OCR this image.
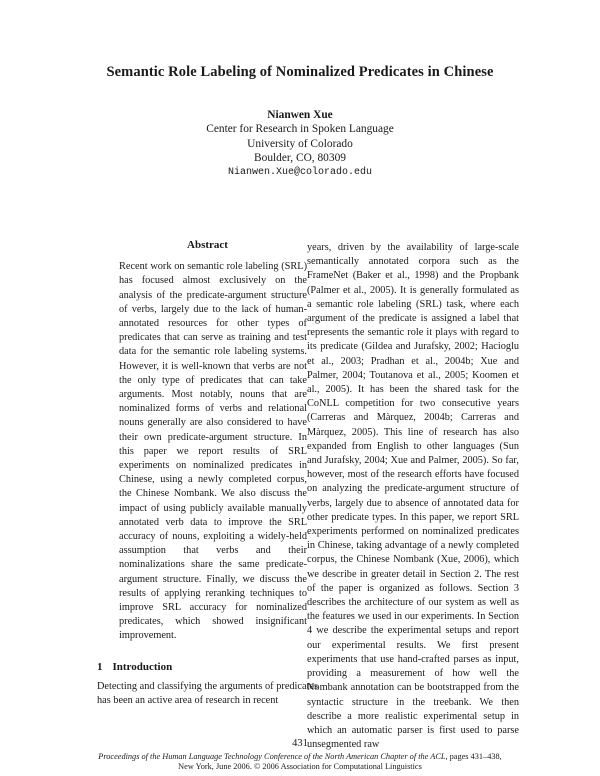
Semantic Role Labeling of Nominalized Predicates in Chinese
Nianwen Xue
Center for Research in Spoken Language
University of Colorado
Boulder, CO, 80309
Nianwen.Xue@colorado.edu
Abstract

Recent work on semantic role labeling (SRL) has focused almost exclusively on the analysis of the predicate-argument structure of verbs, largely due to the lack of human-annotated resources for other types of predicates that can serve as training and test data for the semantic role labeling systems. However, it is well-known that verbs are not the only type of predicates that can take arguments. Most notably, nouns that are nominalized forms of verbs and relational nouns generally are also considered to have their own predicate-argument structure. In this paper we report results of SRL experiments on nominalized predicates in Chinese, using a newly completed corpus, the Chinese Nombank. We also discuss the impact of using publicly available manually annotated verb data to improve the SRL accuracy of nouns, exploiting a widely-held assumption that verbs and their nominalizations share the same predicate-argument structure. Finally, we discuss the results of applying reranking techniques to improve SRL accuracy for nominalized predicates, which showed insignificant improvement.

1 Introduction

Detecting and classifying the arguments of predicates has been an active area of research in recent

years, driven by the availability of large-scale semantically annotated corpora such as the FrameNet (Baker et al., 1998) and the Propbank (Palmer et al., 2005). It is generally formulated as a semantic role labeling (SRL) task, where each argument of the predicate is assigned a label that represents the semantic role it plays with regard to its predicate (Gildea and Jurafsky, 2002; Hacioglu et al., 2003; Pradhan et al., 2004b; Xue and Palmer, 2004; Toutanova et al., 2005; Koomen et al., 2005). It has been the shared task for the CoNLL competition for two consecutive years (Carreras and Màrquez, 2004b; Carreras and Màrquez, 2005). This line of research has also expanded from English to other languages (Sun and Jurafsky, 2004; Xue and Palmer, 2005). So far, however, most of the research efforts have focused on analyzing the predicate-argument structure of verbs, largely due to absence of annotated data for other predicate types. In this paper, we report SRL experiments performed on nominalized predicates in Chinese, taking advantage of a newly completed corpus, the Chinese Nombank (Xue, 2006), which we describe in greater detail in Section 2. The rest of the paper is organized as follows. Section 3 describes the architecture of our system as well as the features we used in our experiments. In Section 4 we describe the experimental setups and report our experimental results. We first present experiments that use hand-crafted parses as input, providing a measurement of how well the Nombank annotation can be bootstrapped from the syntactic structure in the treebank. We then describe a more realistic experimental setup in which an automatic parser is first used to parse unsegmented raw

431
Proceedings of the Human Language Technology Conference of the North American Chapter of the ACL, pages 431–438,
New York, June 2006. © 2006 Association for Computational Linguistics
